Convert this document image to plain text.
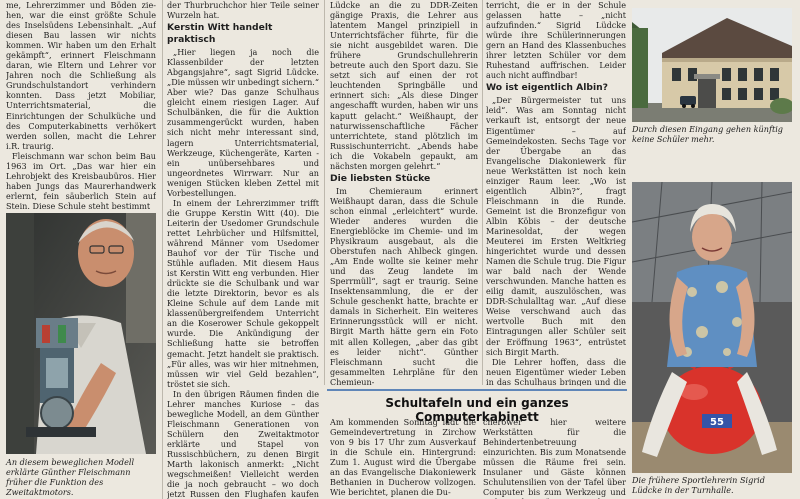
me, Lehrerzimmer und Böden zie-hen, war die einst größte Schule des Inselsüdens Lebensinhalt. „Auf diesen Bau lassen wir nichts kommen. Wir haben um den Erhalt gekämpft“, erinnert Fleischmann daran, wie Eltern und Lehrer vor Jahren noch die Schließung als Grundschulstandort verhindern konnten. Dass jetzt Mobiliar, Unterrichtsmaterial, die Einrichtungen der Schulküche und des Computerkabinetts verhökert werden sollen, macht die Lehrer i.R. traurig.

Fleischmann war schon beim Bau 1963 im Ort. „Das war hier ein Lehrobjekt des Kreisbaubüros. Hier haben Jungs das Maurerhandwerk erlernt, fein säuberlich Stein auf Stein. Diese Schule steht bestimmt

An diesem beweglichen Modell erklärte Günther Fleischmann früher die Funktion des Zweitaktmotors.

der Thurbruchchor hier Teile seiner Wurzeln hat.

Kerstin Witt handelt praktisch

„Hier liegen ja noch die Klassenbilder der letzten Abgangsjahre“, sagt Sigrid Lüdcke. „Die müssen wir unbedingt sichern.“ Aber wie? Das ganze Schulhaus gleicht einem riesigen Lager. Auf Schulbänken, die für die Auktion zusammengerückt wurden, haben sich nicht mehr interessant sind, lagern Unterrichtsmaterial, Werkzeuge, Küchengeräte, Karten - ein unübersehbares und ungeordnetes Wirrwarr. Nur an wenigen Stücken kleben Zettel mit Vorbestellungen.

In einem der Lehrerzimmer trifft die Gruppe Kerstin Witt (40). Die Leiterin der Usedomer Grundschule rettet Lehrbücher und Hilfsmittel, während Männer vom Usedomer Bauhof vor der Tür Tische und Stühle aufladen. Mit diesem Haus ist Kerstin Witt eng verbunden. Hier drückte sie die Schulbank und war die letzte Direktorin, bevor es als Kleine Schule auf dem Lande mit klassenübergreifendem Unterricht an die Koserower Schule gekoppelt wurde. Die Ankündigung der Schließung hatte sie betroffen gemacht. Jetzt handelt sie praktisch. „Für alles, was wir hier mitnehmen, müssen wir viel Geld bezahlen“, tröstet sie sich.

In den übrigen Räumen finden die Lehrer manches Kuriose – das bewegliche Modell, an dem Günther Fleischmann Generationen von Schülern den Zweitaktmotor erklärte und Stapel von Russischbüchern, zu denen Birgit Marth lakonisch anmerkt: „Nicht wegschmeißen! Vielleicht werden die ja noch gebraucht – wo doch jetzt Russen den Flughafen kaufen

Lüdcke an die zu DDR-Zeiten gängige Praxis, die Lehrer aus latentem Mangel prinzipiell in Unterrichtsfächer führte, für die sie nicht ausgebildet waren. Die frühere Grundschullehrerin betreute auch den Sport dazu. Sie setzt sich auf einen der rot leuchtenden Springbälle und erinnert sich: „Als diese Dinger angeschafft wurden, haben wir uns kaputt gelacht.“ Weißhaupt, der naturwissenschaftliche Fächer unterrichtete, stand plötzlich im Russischunterricht. „Abends habe ich die Vokabeln gepaukt, am nächsten morgen gelehrt.“

Die liebsten Stücke

Im Chemieraum erinnert Weißhaupt daran, dass die Schule schon einmal „erleichtert“ wurde. Wieder anderes wurden die Energieblöcke im Chemie- und im Physikraum ausgebaut, als die Oberstufen nach Ahlbeck gingen. „Am Ende wollte sie keiner mehr und das Zeug landete im Sperrmüll“, sagt er traurig. Seine Insektensammlung, die er der Schule geschenkt hatte, brachte er damals in Sicherheit. Ein weiteres Erinnerungsstück will er nicht. Birgit Marth hätte gern ein Foto mit allen Kollegen, „aber das gibt es leider nicht“. Günther Fleischmann sucht die gesammelten Lehrpläne für den Chemieun-

terricht, die er in der Schule gelassen hatte – „nicht aufzufinden.“ Sigrid Lüdcke würde ihre Schülerinnerungen gern an Hand des Klassenbuches ihrer letzten Schüler vor dem Ruhestand auffrischen. Leider auch nicht auffindbar!

Wo ist eigentlich Albin?

„Der Bürgermeister tut uns leid“. Was am Sonntag nicht verkauft ist, entsorgt der neue Eigentümer – auf Gemeindekosten. Sechs Tage vor der Übergabe an das Evangelische Diakoniewerk für neue Werkstätten ist noch kein einziger Raum leer. „Wo ist eigentlich Albin?“, fragt Fleischmann in die Runde. Gemeint ist die Bronzefigur von Albin Köbis – der deutsche Marinesoldat, der wegen Meuterei im Ersten Weltkrieg hingerichtet wurde und dessen Namen die Schule trug. Die Figur war bald nach der Wende verschwunden. Manche hatten es eilig damit, auszulöschen, was DDR-Schulalltag war. „Auf diese Weise verschwand auch das wertvolle Buch mit den Eintragungen aller Schüler seit der Eröffnung 1963“, entrüstet sich Birgit Marth.

Die Lehrer hoffen, dass die neuen Eigentümer wieder Leben in das Schulhaus bringen und die

Durch diesen Eingang gehen künftig keine Schüler mehr.
55
Die frühere Sportlehrerin Sigrid Lüdcke in der Turnhalle.
Schultafeln und ein ganzes Computerkabinett

Am kommenden Sonntag lädt die Gemeindevertretung in Zirchow von 9 bis 17 Uhr zum Ausverkauf in die Schule ein. Hintergrund: Zum 1. August wird die Übergabe an das Evangelische Diakoniewerk Bethanien in Ducherow vollzogen. Wie berichtet, planen die Du-

cherower hier weitere Werkstätten für die Behindertenbetreuung einzurichten. Bis zum Monatsende müssen die Räume frei sein. Insulaner und Gäste können Schulutensilien von der Tafel über Computer bis zum Werkzeug und
